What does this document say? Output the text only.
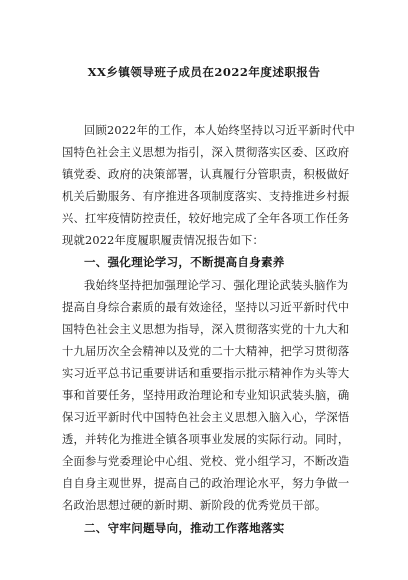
XX乡镇领导班子成员在2022年度述职报告
回顾2022年的工作，本人始终坚持以习近平新时代中
国特色社会主义思想为指引，深入贯彻落实区委、区政府
镇党委、政府的决策部署，认真履行分管职责，积极做好
机关后勤服务、有序推进各项制度落实、支持推进乡村振
兴、扛牢疫情防控责任，较好地完成了全年各项工作任务
现就2022年度履职履责情况报告如下：
一、强化理论学习，不断提高自身素养
我始终坚持把加强理论学习、强化理论武装头脑作为
提高自身综合素质的最有效途径，坚持以习近平新时代中
国特色社会主义思想为指导，深入贯彻落实党的十九大和
十九届历次全会精神以及党的二十大精神，把学习贯彻落
实习近平总书记重要讲话和重要指示批示精神作为头等大
事和首要任务，坚持用政治理论和专业知识武装头脑，确
保习近平新时代中国特色社会主义思想入脑入心，学深悟
透，并转化为推进全镇各项事业发展的实际行动。同时，
全面参与党委理论中心组、党校、党小组学习，不断改造
自自身主观世界，提高自己的政治理论水平，努力争做一
名政治思想过硬的新时期、新阶段的优秀党员干部。
二、守牢问题导向，推动工作落地落实
